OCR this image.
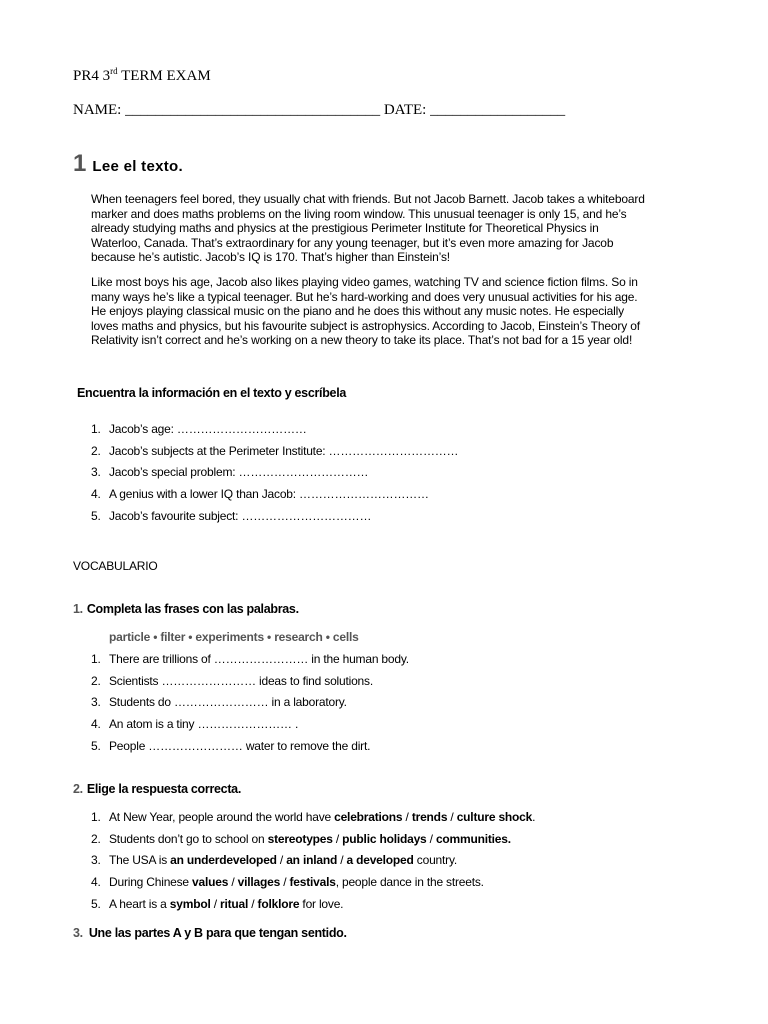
PR4 3rd TERM EXAM
NAME: __________________________________ DATE: __________________
1 Lee el texto.

When teenagers feel bored, they usually chat with friends. But not Jacob Barnett. Jacob takes a whiteboard marker and does maths problems on the living room window. This unusual teenager is only 15, and he’s already studying maths and physics at the prestigious Perimeter Institute for Theoretical Physics in Waterloo, Canada. That’s extraordinary for any young teenager, but it’s even more amazing for Jacob because he’s autistic. Jacob’s IQ is 170. That’s higher than Einstein’s!

Like most boys his age, Jacob also likes playing video games, watching TV and science fiction films. So in many ways he’s like a typical teenager. But he’s hard-working and does very unusual activities for his age. He enjoys playing classical music on the piano and he does this without any music notes. He especially loves maths and physics, but his favourite subject is astrophysics. According to Jacob, Einstein’s Theory of Relativity isn’t correct and he’s working on a new theory to take its place. That’s not bad for a 15 year old!

Encuentra la información en el texto y escríbela
1. Jacob’s age: ……………………………
2. Jacob’s subjects at the Perimeter Institute: ……………………………
3. Jacob’s special problem: ……………………………
4. A genius with a lower IQ than Jacob: ……………………………
5. Jacob’s favourite subject: ……………………………
VOCABULARIO
1. Completa las frases con las palabras.
particle • filter • experiments • research • cells
1. There are trillions of …………………… in the human body.
2. Scientists …………………… ideas to find solutions.
3. Students do …………………… in a laboratory.
4. An atom is a tiny …………………… .
5. People …………………… water to remove the dirt.
2. Elige la respuesta correcta.
1. At New Year, people around the world have celebrations / trends / culture shock.
2. Students don’t go to school on stereotypes / public holidays / communities.
3. The USA is an underdeveloped / an inland / a developed country.
4. During Chinese values / villages / festivals, people dance in the streets.
5. A heart is a symbol / ritual / folklore for love.
3. Une las partes A y B para que tengan sentido.
